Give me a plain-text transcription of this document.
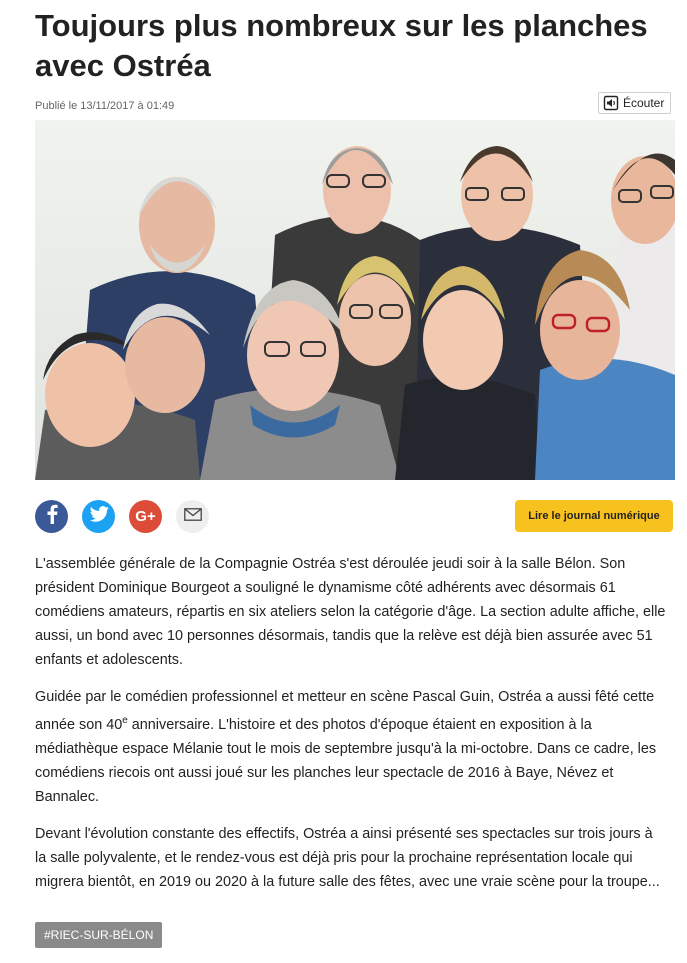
Toujours plus nombreux sur les planches avec Ostréa
Publié le 13/11/2017 à 01:49	Écouter
G+	Lire le journal numérique

L'assemblée générale de la Compagnie Ostréa s'est déroulée jeudi soir à la salle Bélon. Son président Dominique Bourgeot a souligné le dynamisme côté adhérents avec désormais 61 comédiens amateurs, répartis en six ateliers selon la catégorie d'âge. La section adulte affiche, elle aussi, un bond avec 10 personnes désormais, tandis que la relève est déjà bien assurée avec 51 enfants et adolescents.

Guidée par le comédien professionnel et metteur en scène Pascal Guin, Ostréa a aussi fêté cette année son 40e anniversaire. L'histoire et des photos d'époque étaient en exposition à la médiathèque espace Mélanie tout le mois de septembre jusqu'à la mi-octobre. Dans ce cadre, les comédiens riecois ont aussi joué sur les planches leur spectacle de 2016 à Baye, Névez et Bannalec.

Devant l'évolution constante des effectifs, Ostréa a ainsi présenté ses spectacles sur trois jours à la salle polyvalente, et le rendez-vous est déjà pris pour la prochaine représentation locale qui migrera bientôt, en 2019 ou 2020 à la future salle des fêtes, avec une vraie scène pour la troupe...

#RIEC-SUR-BÉLON
